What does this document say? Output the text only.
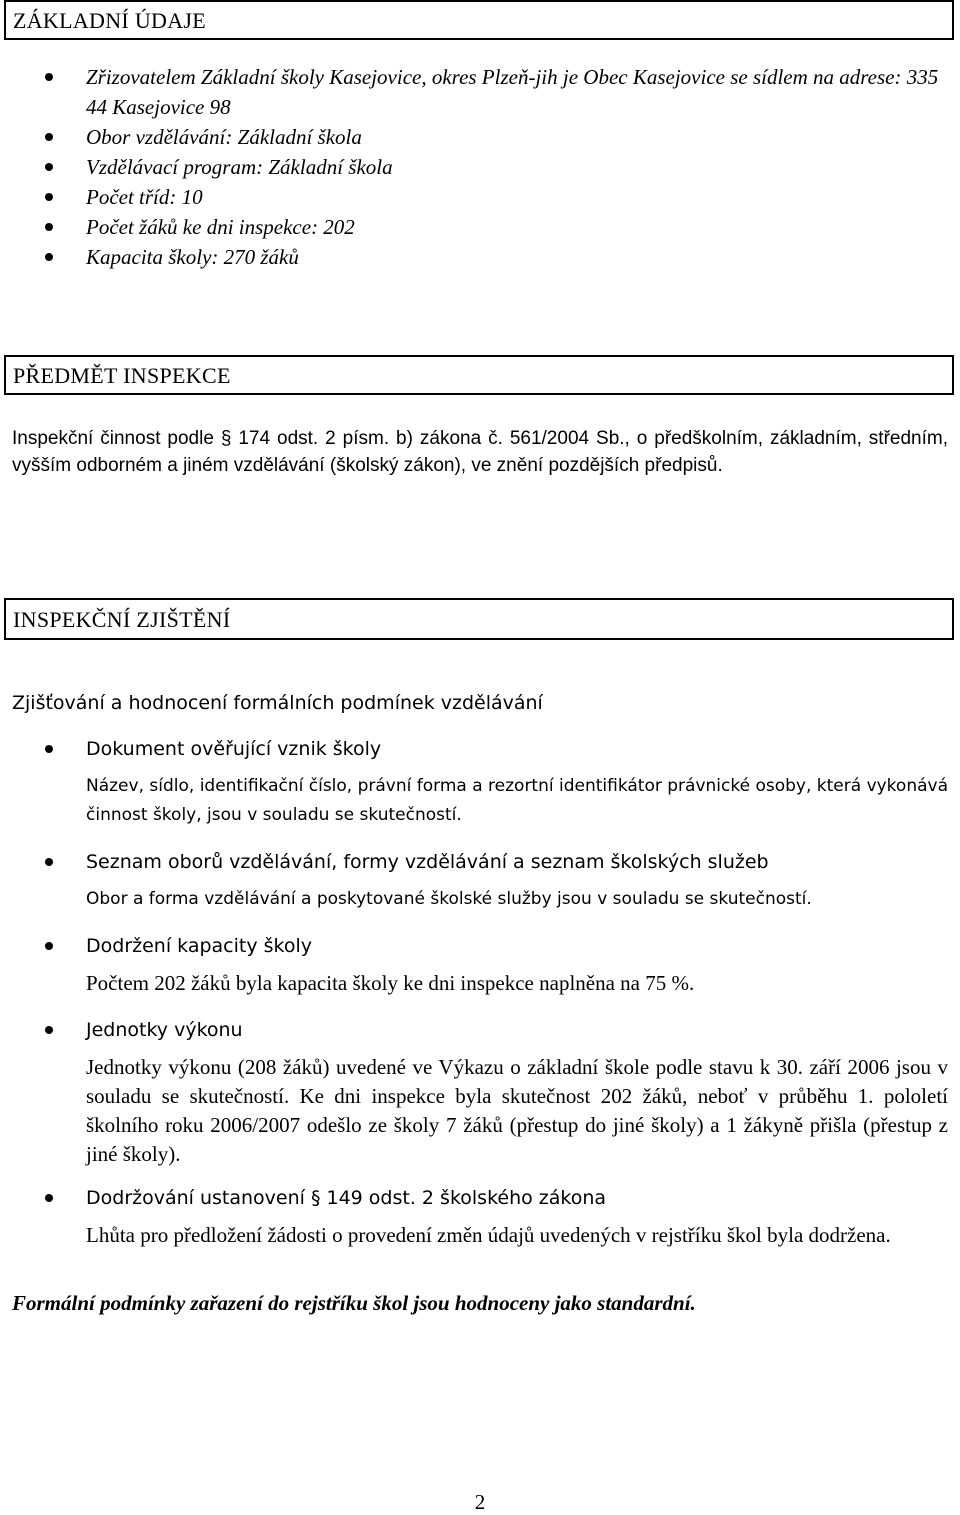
ZÁKLADNÍ ÚDAJE
Zřizovatelem Základní školy Kasejovice, okres Plzeň-jih je Obec Kasejovice se sídlem na adrese: 335 44 Kasejovice 98
Obor vzdělávání: Základní škola
Vzdělávací program: Základní škola
Počet tříd: 10
Počet žáků ke dni inspekce: 202
Kapacita školy: 270 žáků
PŘEDMĚT INSPEKCE
Inspekční činnost podle § 174 odst. 2 písm. b) zákona č. 561/2004 Sb., o předškolním, základním, středním, vyšším odborném a jiném vzdělávání (školský zákon), ve znění pozdějších předpisů.
INSPEKČNÍ ZJIŠTĚNÍ
Zjišťování a hodnocení formálních podmínek vzdělávání
Dokument ověřující vznik školy
Název, sídlo, identifikační číslo, právní forma a rezortní identifikátor právnické osoby, která vykonává činnost školy, jsou v souladu se skutečností.
Seznam oborů vzdělávání, formy vzdělávání a seznam školských služeb
Obor a forma vzdělávání a poskytované školské služby jsou v souladu se skutečností.
Dodržení kapacity školy
Počtem 202 žáků byla kapacita školy ke dni inspekce naplněna na 75 %.
Jednotky výkonu
Jednotky výkonu (208 žáků) uvedené ve Výkazu o základní škole podle stavu k 30. září 2006 jsou v souladu se skutečností. Ke dni inspekce byla skutečnost 202 žáků, neboť v průběhu 1. pololetí školního roku 2006/2007 odešlo ze školy 7 žáků (přestup do jiné školy) a 1 žákyně přišla (přestup z jiné školy).
Dodržování ustanovení § 149 odst. 2 školského zákona
Lhůta pro předložení žádosti o provedení změn údajů uvedených v rejstříku škol byla dodržena.
Formální podmínky zařazení do rejstříku škol jsou hodnoceny jako standardní.
2
